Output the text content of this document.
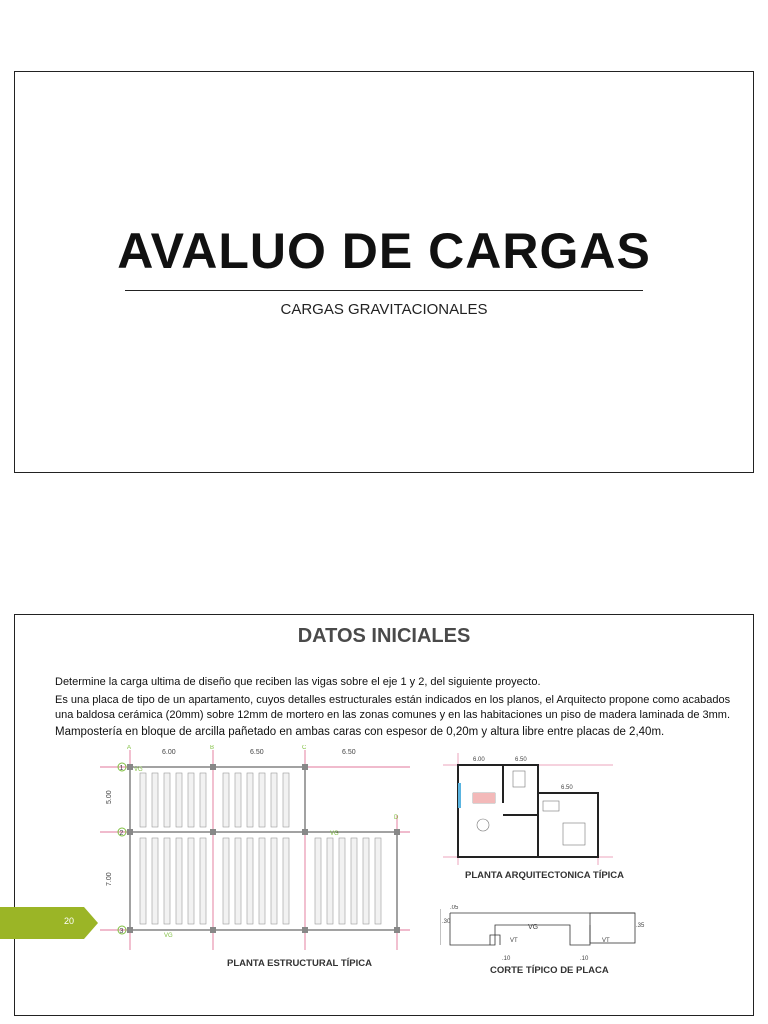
AVALUO DE CARGAS
CARGAS GRAVITACIONALES
DATOS INICIALES
Determine la carga ultima de diseño que reciben las vigas sobre el eje 1 y 2, del siguiente proyecto.
Es una placa de tipo de un apartamento, cuyos detalles estructurales están indicados en los planos, el Arquitecto propone como acabados una baldosa cerámica (20mm) sobre 12mm de mortero en las zonas comunes y en las habitaciones un piso de madera laminada de 3mm.
Mampostería en bloque de arcilla pañetado en ambas caras con espesor de 0,20m y altura libre entre placas de 2,40m.
1
2
3
6.00	6.50	6.50
5.00
7.00
VG
VG
VG
A	B	C
D
PLANTA ESTRUCTURAL TÍPICA
6.00	6.50
6.50
PLANTA ARQUITECTONICA TÍPICA
.30
.05
.10	.10
.35
VG
VT	VT
CORTE TÍPICO DE PLACA
20
